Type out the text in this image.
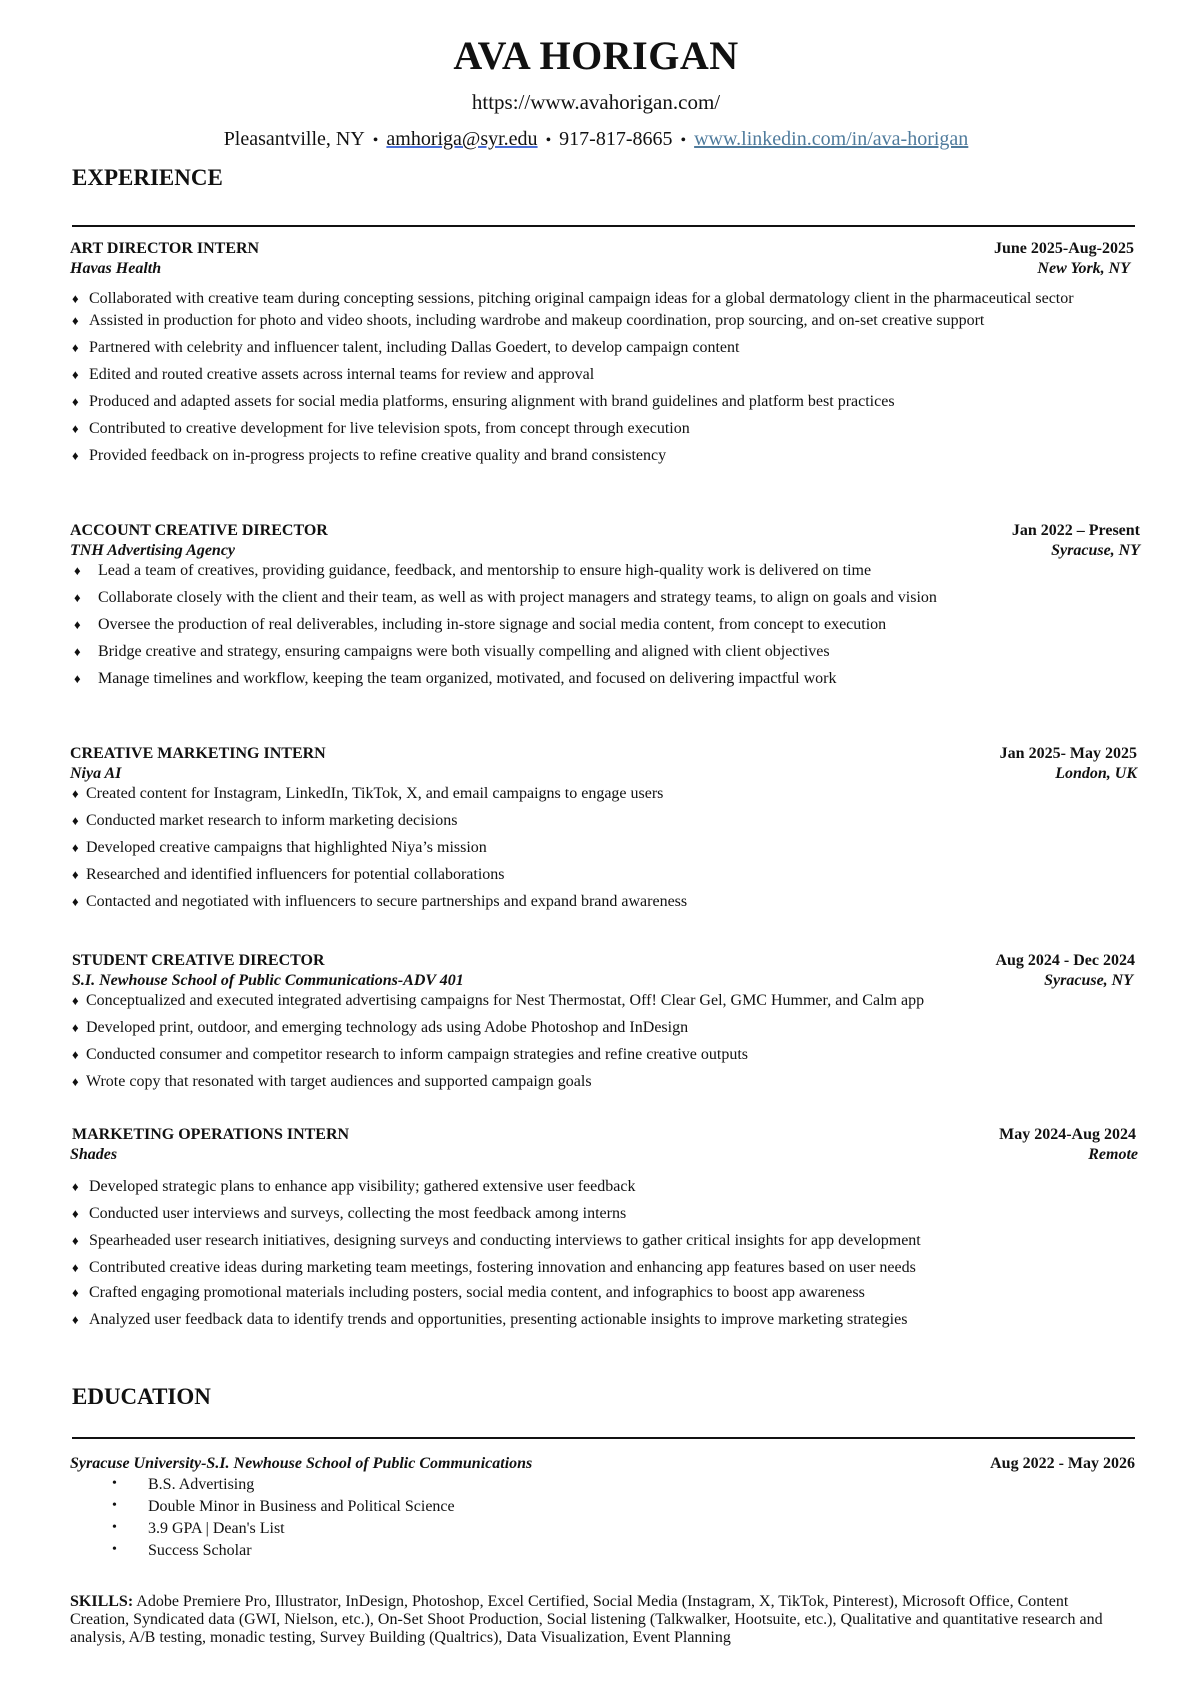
AVA HORIGAN
https://www.avahorigan.com/
Pleasantville, NY • amhoriga@syr.edu • 917-817-8665 • www.linkedin.com/in/ava-horigan
EXPERIENCE
ART DIRECTOR INTERN	June 2025-Aug-2025
Havas Health	New York, NY
♦ Collaborated with creative team during concepting sessions, pitching original campaign ideas for a global dermatology client in the pharmaceutical sector
♦ Assisted in production for photo and video shoots, including wardrobe and makeup coordination, prop sourcing, and on-set creative support
♦ Partnered with celebrity and influencer talent, including Dallas Goedert, to develop campaign content
♦ Edited and routed creative assets across internal teams for review and approval
♦ Produced and adapted assets for social media platforms, ensuring alignment with brand guidelines and platform best practices
♦ Contributed to creative development for live television spots, from concept through execution
♦ Provided feedback on in-progress projects to refine creative quality and brand consistency
ACCOUNT CREATIVE DIRECTOR	Jan 2022 – Present
TNH Advertising Agency	Syracuse, NY
♦	Lead a team of creatives, providing guidance, feedback, and mentorship to ensure high-quality work is delivered on time
♦	Collaborate closely with the client and their team, as well as with project managers and strategy teams, to align on goals and vision
♦	Oversee the production of real deliverables, including in-store signage and social media content, from concept to execution
♦	Bridge creative and strategy, ensuring campaigns were both visually compelling and aligned with client objectives
♦	Manage timelines and workflow, keeping the team organized, motivated, and focused on delivering impactful work
CREATIVE MARKETING INTERN	Jan 2025- May 2025
Niya AI	London, UK
♦ Created content for Instagram, LinkedIn, TikTok, X, and email campaigns to engage users
♦ Conducted market research to inform marketing decisions
♦ Developed creative campaigns that highlighted Niya’s mission
♦ Researched and identified influencers for potential collaborations
♦ Contacted and negotiated with influencers to secure partnerships and expand brand awareness
STUDENT CREATIVE DIRECTOR	Aug 2024 - Dec 2024
S.I. Newhouse School of Public Communications-ADV 401	Syracuse, NY
♦ Conceptualized and executed integrated advertising campaigns for Nest Thermostat, Off! Clear Gel, GMC Hummer, and Calm app
♦ Developed print, outdoor, and emerging technology ads using Adobe Photoshop and InDesign
♦ Conducted consumer and competitor research to inform campaign strategies and refine creative outputs
♦ Wrote copy that resonated with target audiences and supported campaign goals
MARKETING OPERATIONS INTERN	May 2024-Aug 2024
Shades	Remote
♦ Developed strategic plans to enhance app visibility; gathered extensive user feedback
♦ Conducted user interviews and surveys, collecting the most feedback among interns
♦ Spearheaded user research initiatives, designing surveys and conducting interviews to gather critical insights for app development
♦ Contributed creative ideas during marketing team meetings, fostering innovation and enhancing app features based on user needs
♦ Crafted engaging promotional materials including posters, social media content, and infographics to boost app awareness
♦ Analyzed user feedback data to identify trends and opportunities, presenting actionable insights to improve marketing strategies
EDUCATION
Syracuse University-S.I. Newhouse School of Public Communications	Aug 2022 - May 2026
• B.S. Advertising
• Double Minor in Business and Political Science
• 3.9 GPA | Dean's List
• Success Scholar
SKILLS: Adobe Premiere Pro, Illustrator, InDesign, Photoshop, Excel Certified, Social Media (Instagram, X, TikTok, Pinterest), Microsoft Office, Content Creation, Syndicated data (GWI, Nielson, etc.), On-Set Shoot Production, Social listening (Talkwalker, Hootsuite, etc.), Qualitative and quantitative research and analysis, A/B testing, monadic testing, Survey Building (Qualtrics), Data Visualization, Event Planning
